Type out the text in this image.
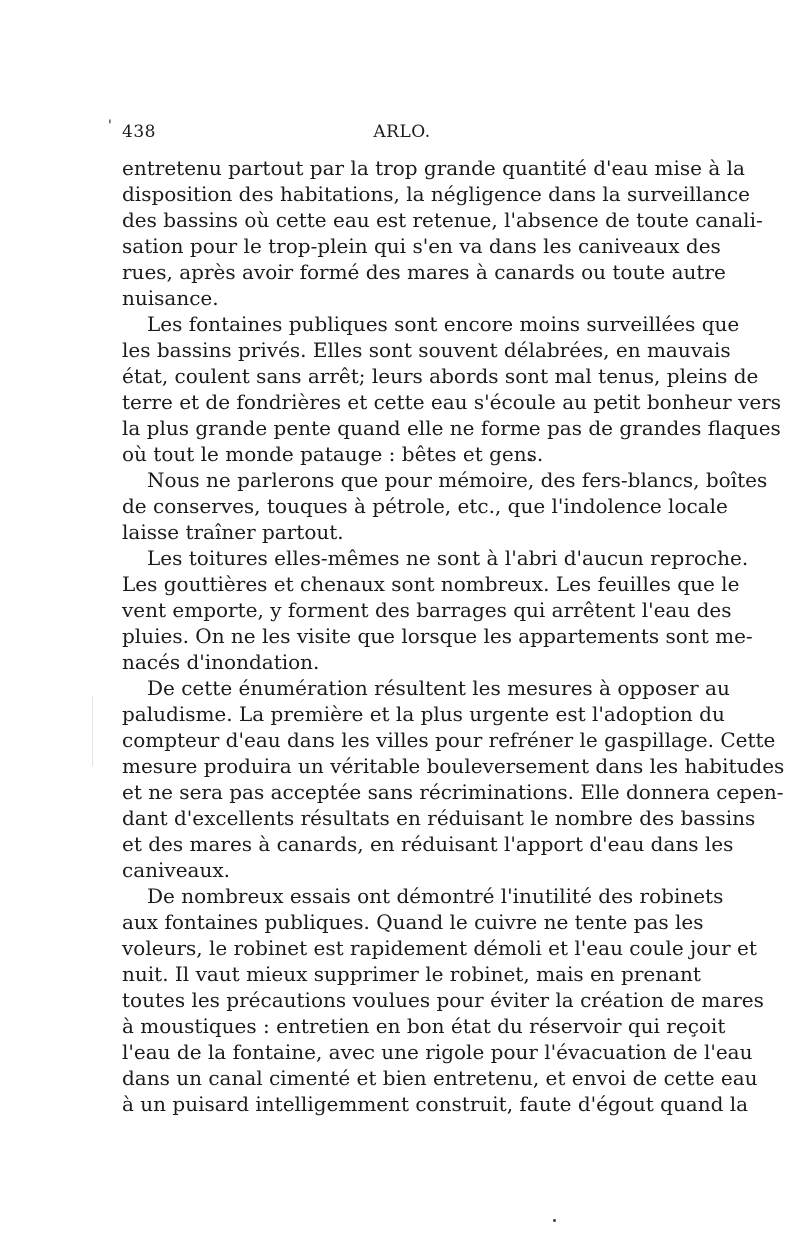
' 438	ARLO.
entretenu partout par la trop grande quantité d'eau mise à la
disposition des habitations, la négligence dans la surveillance
des bassins où cette eau est retenue, l'absence de toute canali-
sation pour le trop-plein qui s'en va dans les caniveaux des
rues, après avoir formé des mares à canards ou toute autre
nuisance.
Les fontaines publiques sont encore moins surveillées que
les bassins privés. Elles sont souvent délabrées, en mauvais
état, coulent sans arrêt; leurs abords sont mal tenus, pleins de
terre et de fondrières et cette eau s'écoule au petit bonheur vers
la plus grande pente quand elle ne forme pas de grandes flaques
où tout le monde patauge : bêtes et gens.
Nous ne parlerons que pour mémoire, des fers-blancs, boîtes
de conserves, touques à pétrole, etc., que l'indolence locale
laisse traîner partout.
Les toitures elles-mêmes ne sont à l'abri d'aucun reproche.
Les gouttières et chenaux sont nombreux. Les feuilles que le
vent emporte, y forment des barrages qui arrêtent l'eau des
pluies. On ne les visite que lorsque les appartements sont me-
nacés d'inondation.
De cette énumération résultent les mesures à opposer au
paludisme. La première et la plus urgente est l'adoption du
compteur d'eau dans les villes pour refréner le gaspillage. Cette
mesure produira un véritable bouleversement dans les habitudes
et ne sera pas acceptée sans récriminations. Elle donnera cepen-
dant d'excellents résultats en réduisant le nombre des bassins
et des mares à canards, en réduisant l'apport d'eau dans les
caniveaux.
De nombreux essais ont démontré l'inutilité des robinets
aux fontaines publiques. Quand le cuivre ne tente pas les
voleurs, le robinet est rapidement démoli et l'eau coule jour et
nuit. Il vaut mieux supprimer le robinet, mais en prenant
toutes les précautions voulues pour éviter la création de mares
à moustiques : entretien en bon état du réservoir qui reçoit
l'eau de la fontaine, avec une rigole pour l'évacuation de l'eau
dans un canal cimenté et bien entretenu, et envoi de cette eau
à un puisard intelligemment construit, faute d'égout quand la
